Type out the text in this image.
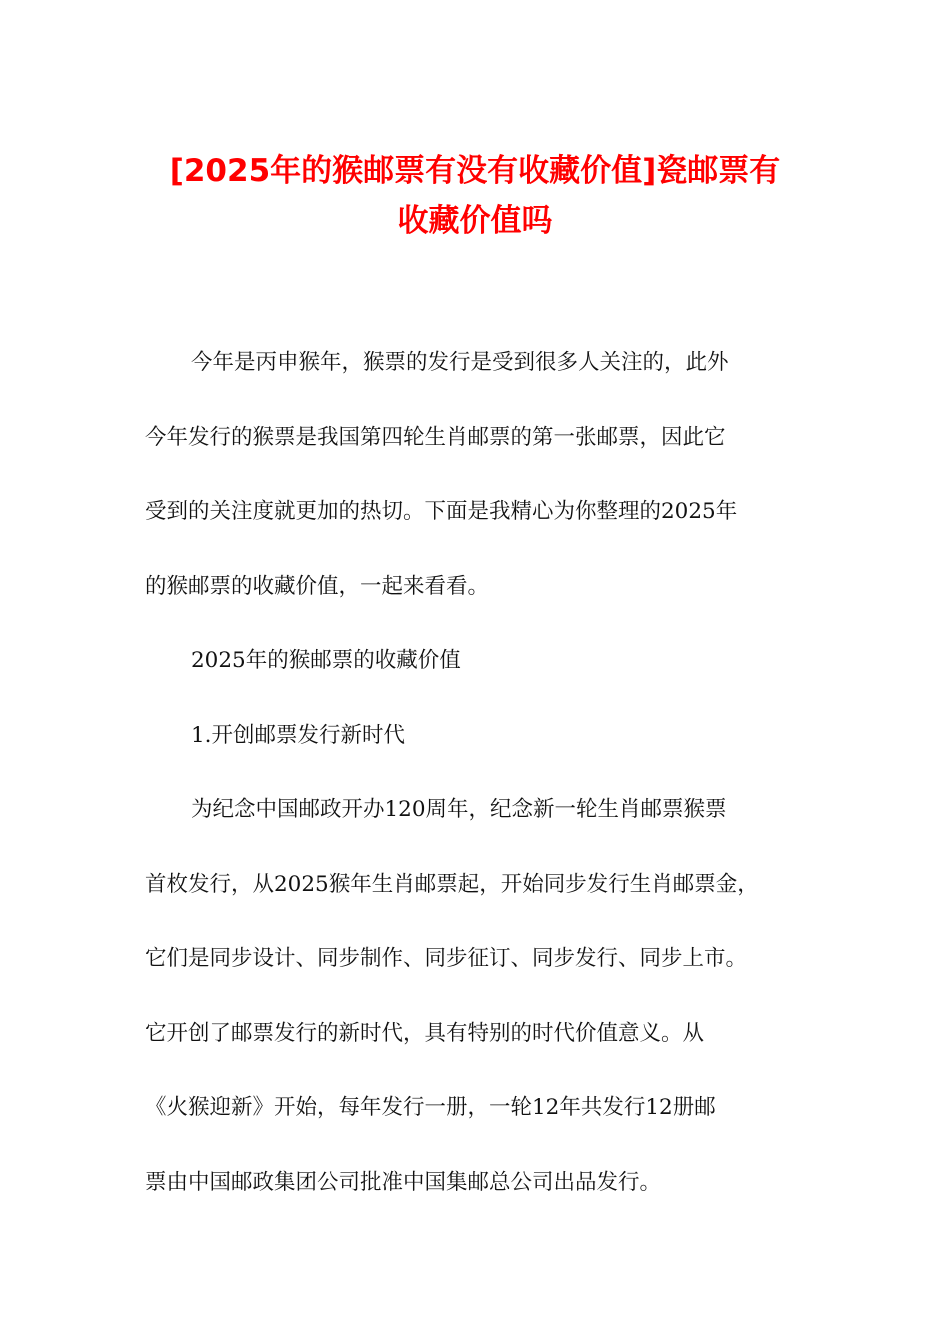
[2025年的猴邮票有没有收藏价值]瓷邮票有
收藏价值吗
今年是丙申猴年，猴票的发行是受到很多人关注的，此外
今年发行的猴票是我国第四轮生肖邮票的第一张邮票，因此它
受到的关注度就更加的热切。下面是我精心为你整理的2025年
的猴邮票的收藏价值，一起来看看。
2025年的猴邮票的收藏价值
1.开创邮票发行新时代
为纪念中国邮政开办120周年，纪念新一轮生肖邮票猴票
首枚发行，从2025猴年生肖邮票起，开始同步发行生肖邮票金，
它们是同步设计、同步制作、同步征订、同步发行、同步上市。
它开创了邮票发行的新时代，具有特别的时代价值意义。从
《火猴迎新》开始，每年发行一册，一轮12年共发行12册邮
票由中国邮政集团公司批准中国集邮总公司出品发行。
